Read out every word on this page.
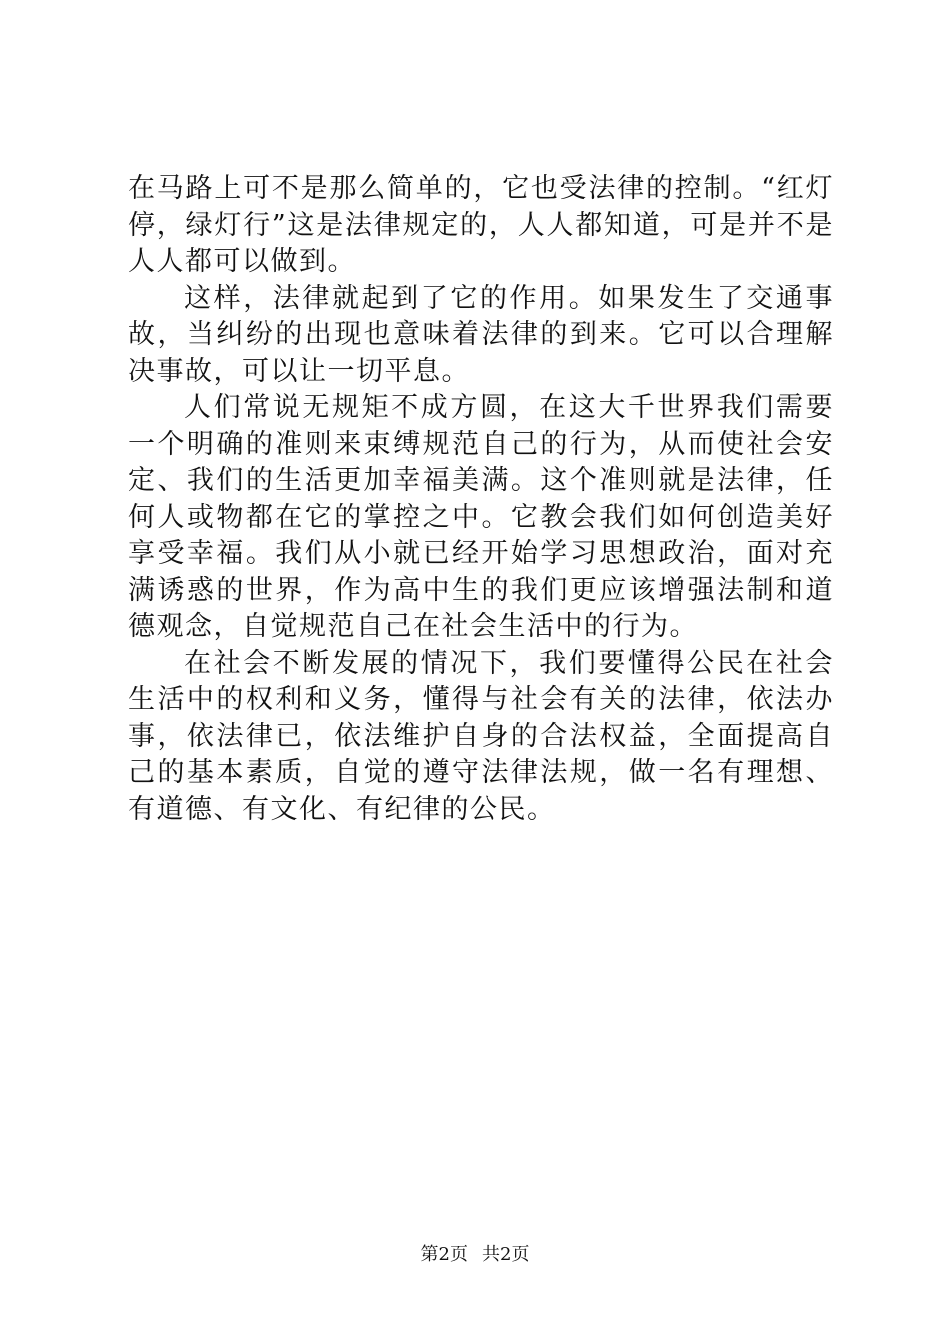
在马路上可不是那么简单的，它也受法律的控制。“红灯停，绿灯行”这是法律规定的，人人都知道，可是并不是人人都可以做到。

这样，法律就起到了它的作用。如果发生了交通事故，当纠纷的出现也意味着法律的到来。它可以合理解决事故，可以让一切平息。

人们常说无规矩不成方圆，在这大千世界我们需要一个明确的准则来束缚规范自己的行为，从而使社会安定、我们的生活更加幸福美满。这个准则就是法律，任何人或物都在它的掌控之中。它教会我们如何创造美好享受幸福。我们从小就已经开始学习思想政治，面对充满诱惑的世界，作为高中生的我们更应该增强法制和道德观念，自觉规范自己在社会生活中的行为。

在社会不断发展的情况下，我们要懂得公民在社会生活中的权利和义务，懂得与社会有关的法律，依法办事，依法律已，依法维护自身的合法权益，全面提高自己的基本素质，自觉的遵守法律法规，做一名有理想、有道德、有文化、有纪律的公民。

第2页 共2页
